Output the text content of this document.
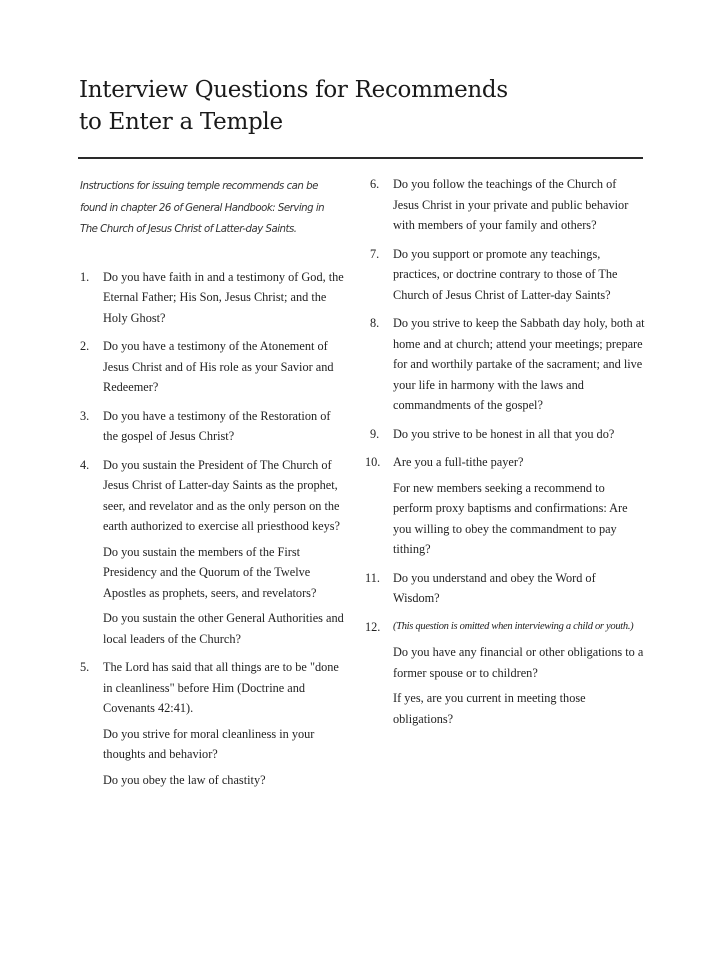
Interview Questions for Recommends
to Enter a Temple
Instructions for issuing temple recommends can be found in chapter 26 of General Handbook: Serving in The Church of Jesus Christ of Latter-day Saints.
1.	Do you have faith in and a testimony of God, the Eternal Father; His Son, Jesus Christ; and the Holy Ghost?

2.	Do you have a testimony of the Atonement of Jesus Christ and of His role as your Savior and Redeemer?

3.	Do you have a testimony of the Restoration of the gospel of Jesus Christ?

4.	Do you sustain the President of The Church of Jesus Christ of Latter-day Saints as the prophet, seer, and revelator and as the only person on the earth authorized to exercise all priesthood keys?

Do you sustain the members of the First Presidency and the Quorum of the Twelve Apostles as prophets, seers, and revelators?

Do you sustain the other General Authorities and local leaders of the Church?

5.	The Lord has said that all things are to be "done in cleanliness" before Him (Doctrine and Covenants 42:41).

Do you strive for moral cleanliness in your thoughts and behavior?

Do you obey the law of chastity?

6.	Do you follow the teachings of the Church of Jesus Christ in your private and public behavior with members of your family and others?

7.	Do you support or promote any teachings, practices, or doctrine contrary to those of The Church of Jesus Christ of Latter-day Saints?

8.	Do you strive to keep the Sabbath day holy, both at home and at church; attend your meetings; prepare for and worthily partake of the sacrament; and live your life in harmony with the laws and commandments of the gospel?

9.	Do you strive to be honest in all that you do?

10.	Are you a full-tithe payer?

For new members seeking a recommend to perform proxy baptisms and confirmations: Are you willing to obey the commandment to pay tithing?

11.	Do you understand and obey the Word of Wisdom?

12.	(This question is omitted when interviewing a child or youth.)

Do you have any financial or other obligations to a former spouse or to children?

If yes, are you current in meeting those obligations?
